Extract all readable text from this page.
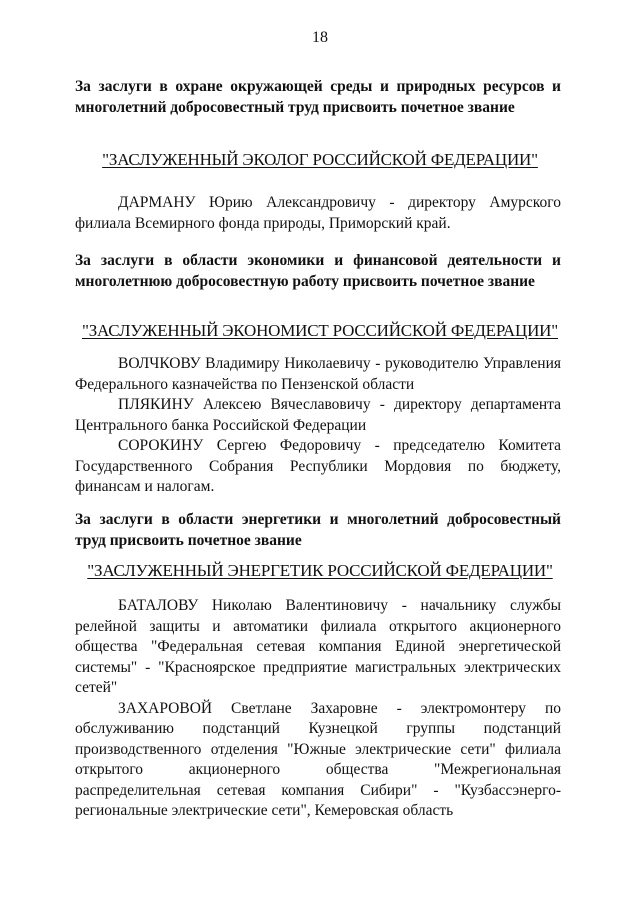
18
За заслуги в охране окружающей среды и природных ресурсов и многолетний добросовестный труд присвоить почетное звание
"ЗАСЛУЖЕННЫЙ ЭКОЛОГ РОССИЙСКОЙ ФЕДЕРАЦИИ"
ДАРМАНУ Юрию Александровичу - директору Амурского филиала Всемирного фонда природы, Приморский край.
За заслуги в области экономики и финансовой деятельности и многолетнюю добросовестную работу присвоить почетное звание
"ЗАСЛУЖЕННЫЙ ЭКОНОМИСТ РОССИЙСКОЙ ФЕДЕРАЦИИ"

ВОЛЧКОВУ Владимиру Николаевичу - руководителю Управления Федерального казначейства по Пензенской области

ПЛЯКИНУ Алексею Вячеславовичу - директору департамента Центрального банка Российской Федерации

СОРОКИНУ Сергею Федоровичу - председателю Комитета Государственного Собрания Республики Мордовия по бюджету, финансам и налогам.

За заслуги в области энергетики и многолетний добросовестный труд присвоить почетное звание
"ЗАСЛУЖЕННЫЙ ЭНЕРГЕТИК РОССИЙСКОЙ ФЕДЕРАЦИИ"

БАТАЛОВУ Николаю Валентиновичу - начальнику службы релейной защиты и автоматики филиала открытого акционерного общества "Федеральная сетевая компания Единой энергетической системы" - "Красноярское предприятие магистральных электрических сетей"

ЗАХАРОВОЙ Светлане Захаровне - электромонтеру по обслуживанию подстанций Кузнецкой группы подстанций производственного отделения "Южные электрические сети" филиала открытого акционерного общества "Межрегиональная распределительная сетевая компания Сибири" - "Кузбассэнерго-региональные электрические сети", Кемеровская область
